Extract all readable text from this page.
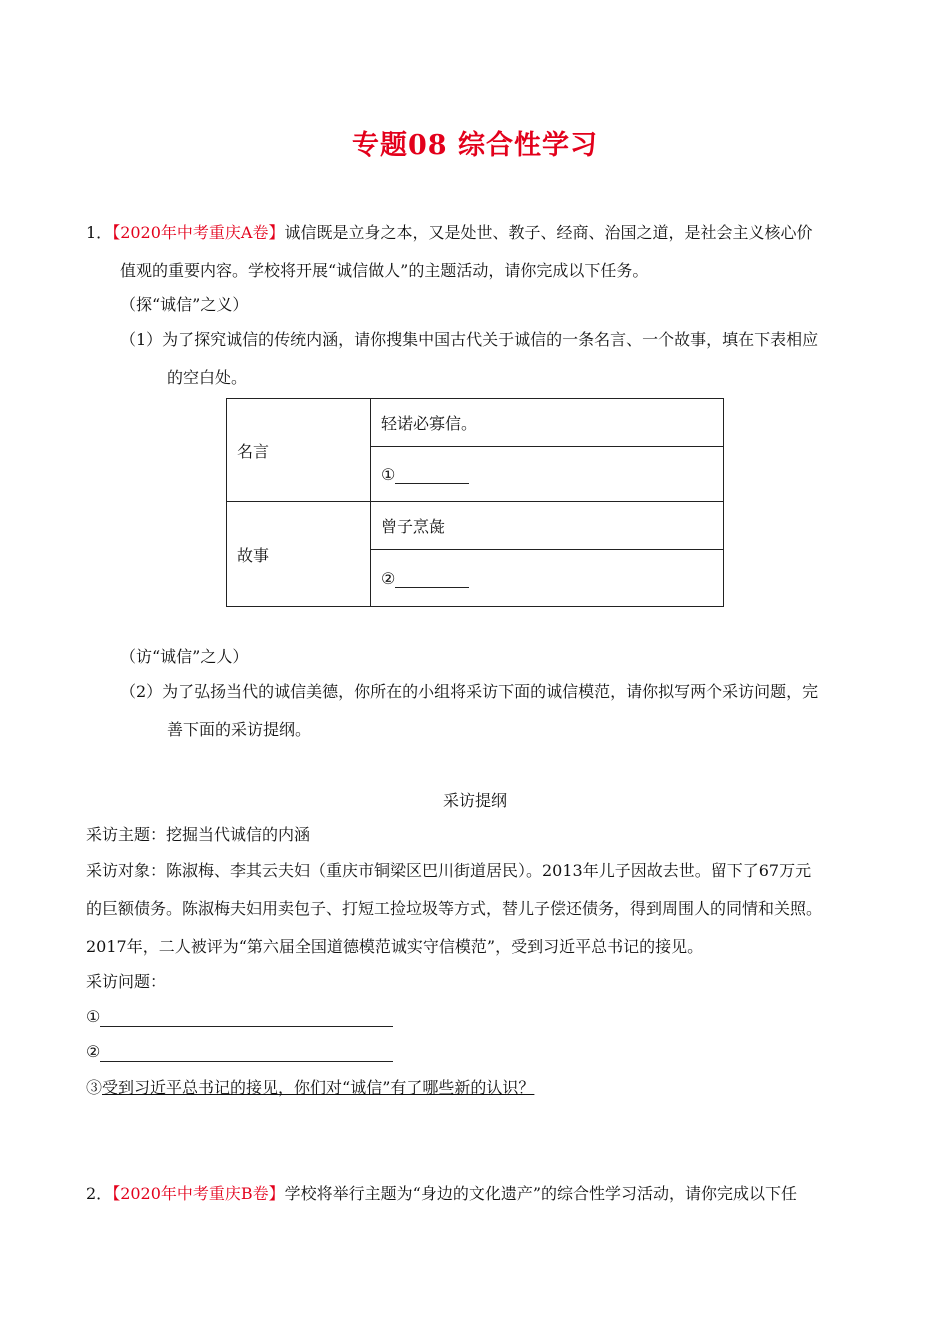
专题08 综合性学习
1．【2020年中考重庆A卷】诚信既是立身之本，又是处世、教子、经商、治国之道，是社会主义核心价
值观的重要内容。学校将开展“诚信做人”的主题活动，请你完成以下任务。
（探“诚信”之义）
（1）为了探究诚信的传统内涵，请你搜集中国古代关于诚信的一条名言、一个故事，填在下表相应
的空白处。
名言	轻诺必寡信。
	①
故事	曾子烹彘
	②
（访“诚信”之人）
（2）为了弘扬当代的诚信美德，你所在的小组将采访下面的诚信模范，请你拟写两个采访问题，完
善下面的采访提纲。
采访提纲
采访主题：挖掘当代诚信的内涵
采访对象：陈淑梅、李其云夫妇（重庆市铜梁区巴川街道居民）。2013年儿子因故去世。留下了67万元
的巨额债务。陈淑梅夫妇用卖包子、打短工捡垃圾等方式，替儿子偿还债务，得到周围人的同情和关照。
2017年，二人被评为“第六届全国道德模范诚实守信模范”，受到习近平总书记的接见。
采访问题：
①
②
③受到习近平总书记的接见，你们对“诚信”有了哪些新的认识？
2．【2020年中考重庆B卷】学校将举行主题为“身边的文化遗产”的综合性学习活动，请你完成以下任
